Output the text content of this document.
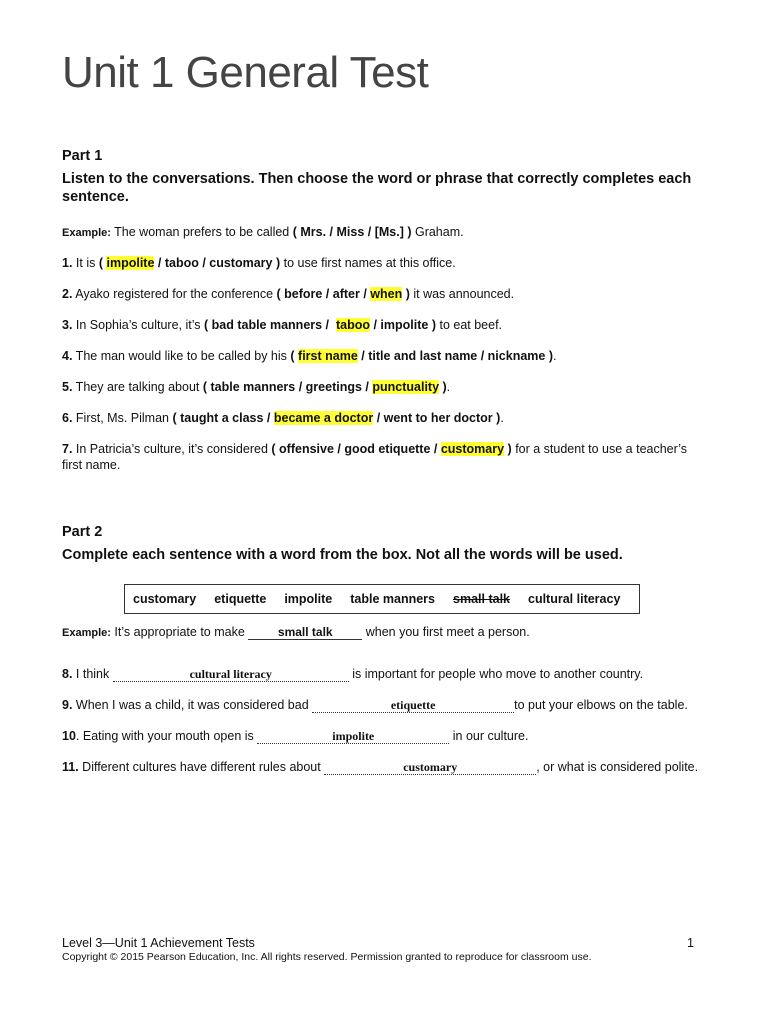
Unit 1 General Test
Part 1
Listen to the conversations. Then choose the word or phrase that correctly completes each sentence.
Example: The woman prefers to be called ( Mrs. / Miss / [Ms.] ) Graham.
1. It is ( impolite / taboo / customary ) to use first names at this office.
2. Ayako registered for the conference ( before / after / when ) it was announced.
3. In Sophia’s culture, it’s ( bad table manners /  taboo / impolite ) to eat beef.
4. The man would like to be called by his ( first name / title and last name / nickname ).
5. They are talking about ( table manners / greetings / punctuality ).
6. First, Ms. Pilman ( taught a class / became a doctor / went to her doctor ).
7. In Patricia’s culture, it’s considered ( offensive / good etiquette / customary ) for a student to use a teacher’s first name.
Part 2
Complete each sentence with a word from the box. Not all the words will be used.
customary etiquette impolite table manners small talk cultural literacy
Example: It’s appropriate to make small talk when you first meet a person.
8. I think	cultural literacy	is important for people who move to another country.
9. When I was a child, it was considered bad	etiquette	to put your elbows on the table.
10. Eating with your mouth open is	impolite	in our culture.
11. Different cultures have different rules about	customary	, or what is considered polite.
Level 3—Unit 1 Achievement Tests	1
Copyright © 2015 Pearson Education, Inc. All rights reserved. Permission granted to reproduce for classroom use.
